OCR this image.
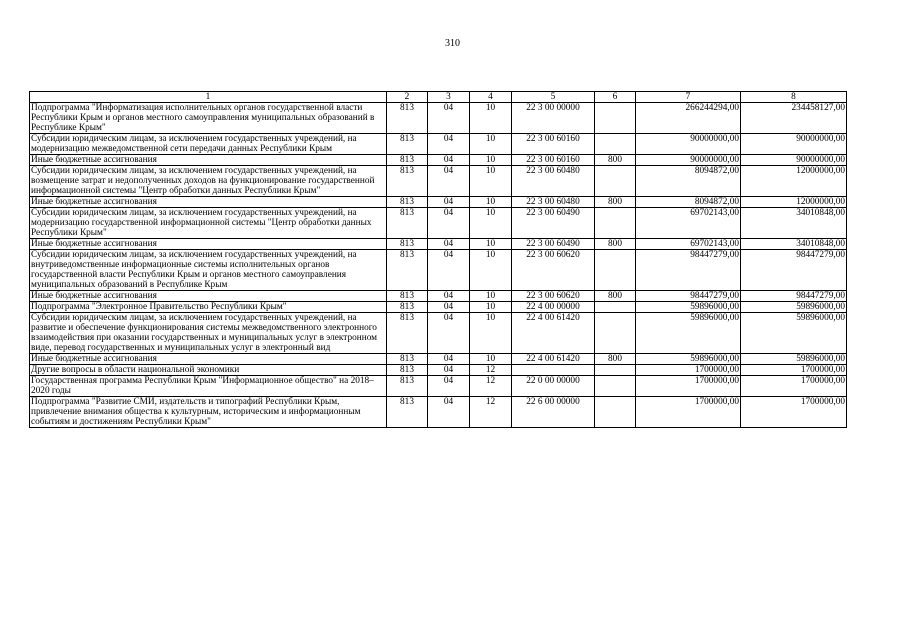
310
1	2	3	4	5	6	7	8
Подпрограмма "Информатизация исполнительных органов государственной власти Республики Крым и органов местного самоуправления муниципальных образований в Республике Крым"	813	04	10	22 3 00 00000		266244294,00	234458127,00
Субсидии юридическим лицам, за исключением государственных учреждений, на модернизацию межведомственной сети передачи данных Республики Крым	813	04	10	22 3 00 60160		90000000,00	90000000,00
Иные бюджетные ассигнования	813	04	10	22 3 00 60160	800	90000000,00	90000000,00
Субсидии юридическим лицам, за исключением государственных учреждений, на возмещение затрат и недополученных доходов на функционирование государственной информационной системы "Центр обработки данных Республики Крым"	813	04	10	22 3 00 60480		8094872,00	12000000,00
Иные бюджетные ассигнования	813	04	10	22 3 00 60480	800	8094872,00	12000000,00
Субсидии юридическим лицам, за исключением государственных учреждений, на модернизацию государственной информационной системы "Центр обработки данных Республики Крым"	813	04	10	22 3 00 60490		69702143,00	34010848,00
Иные бюджетные ассигнования	813	04	10	22 3 00 60490	800	69702143,00	34010848,00
Субсидии юридическим лицам, за исключением государственных учреждений, на внутриведомственные информационные системы исполнительных органов государственной власти Республики Крым и органов местного самоуправления муниципальных образований в Республике Крым	813	04	10	22 3 00 60620		98447279,00	98447279,00
Иные бюджетные ассигнования	813	04	10	22 3 00 60620	800	98447279,00	98447279,00
Подпрограмма "Электронное Правительство Республики Крым"	813	04	10	22 4 00 00000		59896000,00	59896000,00
Субсидии юридическим лицам, за исключением государственных учреждений, на развитие и обеспечение функционирования системы межведомственного электронного взаимодействия при оказании государственных и муниципальных услуг в электронном виде, перевод государственных и муниципальных услуг в электронный вид	813	04	10	22 4 00 61420		59896000,00	59896000,00
Иные бюджетные ассигнования	813	04	10	22 4 00 61420	800	59896000,00	59896000,00
Другие вопросы в области национальной экономики	813	04	12			1700000,00	1700000,00
Государственная программа Республики Крым "Информационное общество" на 2018–2020 годы	813	04	12	22 0 00 00000		1700000,00	1700000,00
Подпрограмма "Развитие СМИ, издательств и типографий Республики Крым, привлечение внимания общества к культурным, историческим и информационным событиям и достижениям Республики Крым"	813	04	12	22 6 00 00000		1700000,00	1700000,00
